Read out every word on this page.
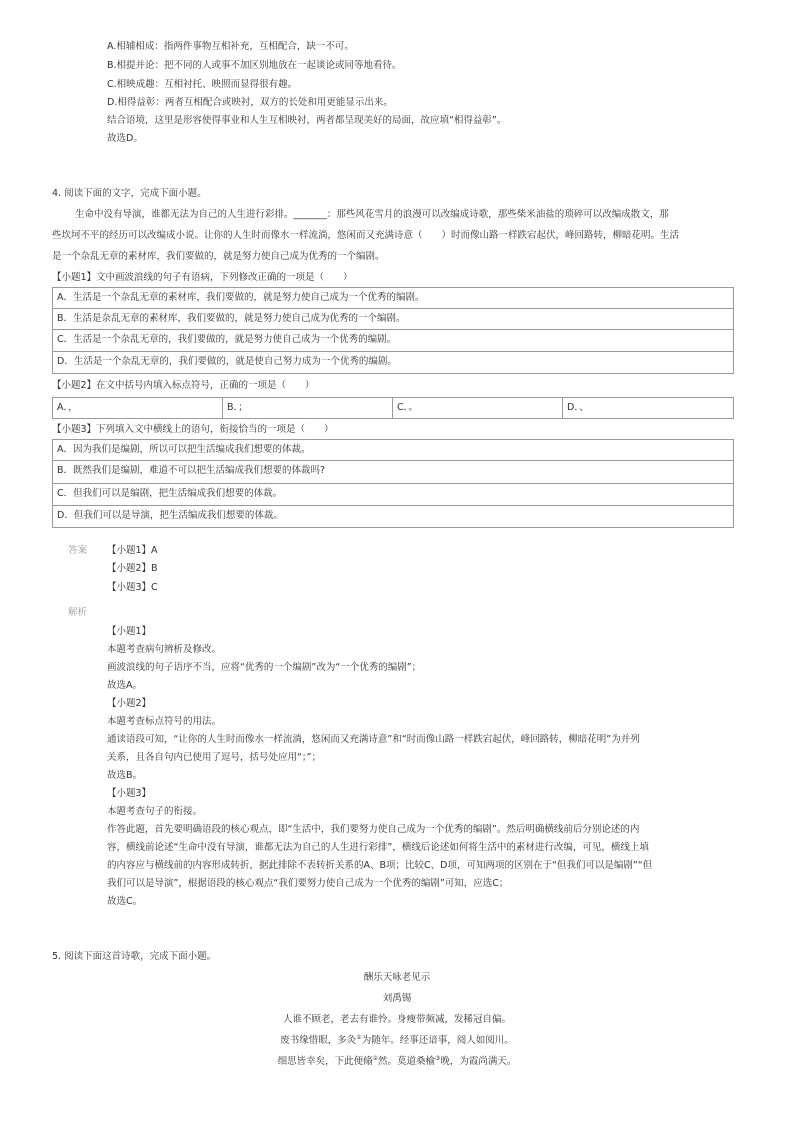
A.相辅相成：指两件事物互相补充，互相配合，缺一不可。
B.相提并论：把不同的人或事不加区别地放在一起谈论或同等地看待。
C.相映成趣：互相衬托、映照而显得很有趣。
D.相得益彰：两者互相配合或映衬，双方的长处和用更能显示出来。
结合语境，这里是形容使得事业和人生互相映衬，两者都呈现美好的局面，故应填“相得益彰”。
故选D。
4. 阅读下面的文字，完成下面小题。
生命中没有导演，谁都无法为自己的人生进行彩排。_______：那些风花雪月的浪漫可以改编成诗歌，那些柴米油盐的琐碎可以改编成散文，那
些坎坷不平的经历可以改编成小说。让你的人生时而像水一样流淌，悠闲而又充满诗意（　　）时而像山路一样跌宕起伏，峰回路转，柳暗花明。生活
是一个杂乱无章的素材库，我们要做的，就是努力使自己成为优秀的一个编剧。
【小题1】文中画波浪线的句子有语病，下列修改正确的一项是（　　）
A．生活是一个杂乱无章的素材库，我们要做的，就是努力使自己成为一个优秀的编剧。
B．生活是杂乱无章的素材库，我们要做的，就是努力使自己成为优秀的一个编剧。
C．生活是一个杂乱无章的，我们要做的，就是努力使自己成为一个优秀的编剧。
D．生活是一个杂乱无章的，我们要做的，就是使自己努力成为一个优秀的编剧。
【小题2】在文中括号内填入标点符号，正确的一项是（　　）
A．，	B．；	C．。	D．、
【小题3】下列填入文中横线上的语句，衔接恰当的一项是（　　）
A．因为我们是编剧，所以可以把生活编成我们想要的体裁。
B．既然我们是编剧，难道不可以把生活编成我们想要的体裁吗?
C．但我们可以是编剧，把生活编成我们想要的体裁。
D．但我们可以是导演，把生活编成我们想要的体裁。
答案 【小题1】A
【小题2】B
【小题3】C
解析
【小题1】
本题考查病句辨析及修改。
画波浪线的句子语序不当，应将“优秀的一个编剧”改为“一个优秀的编剧”；
故选A。
【小题2】
本题考查标点符号的用法。
通读语段可知，“让你的人生时而像水一样流淌，悠闲而又充满诗意”和“时而像山路一样跌宕起伏，峰回路转，柳暗花明”为并列
关系，且各自句内已使用了逗号，括号处应用“；”；
故选B。
【小题3】
本题考查句子的衔接。
作答此题，首先要明确语段的核心观点，即“生活中，我们要努力使自己成为一个优秀的编剧”。然后明确横线前后分别论述的内
容，横线前论述“生命中没有导演，谁都无法为自己的人生进行彩排”，横线后论述如何将生活中的素材进行改编，可见，横线上填
的内容应与横线前的内容形成转折，据此排除不表转折关系的A、B项；比较C、D项，可知两项的区别在于“但我们可以是编剧”“但
我们可以是导演”，根据语段的核心观点“我们要努力使自己成为一个优秀的编剧”可知，应选C；
故选C。
5. 阅读下面这首诗歌，完成下面小题。
酬乐天咏老见示
刘禹锡
人谁不顾老，老去有谁怜。身瘦带频减，发稀冠自偏。
废书缘惜眼，多灸①为随年。经事还谙事，阅人如阅川。
细思皆幸矣，下此便翛②然。莫道桑榆③晚，为霞尚满天。
